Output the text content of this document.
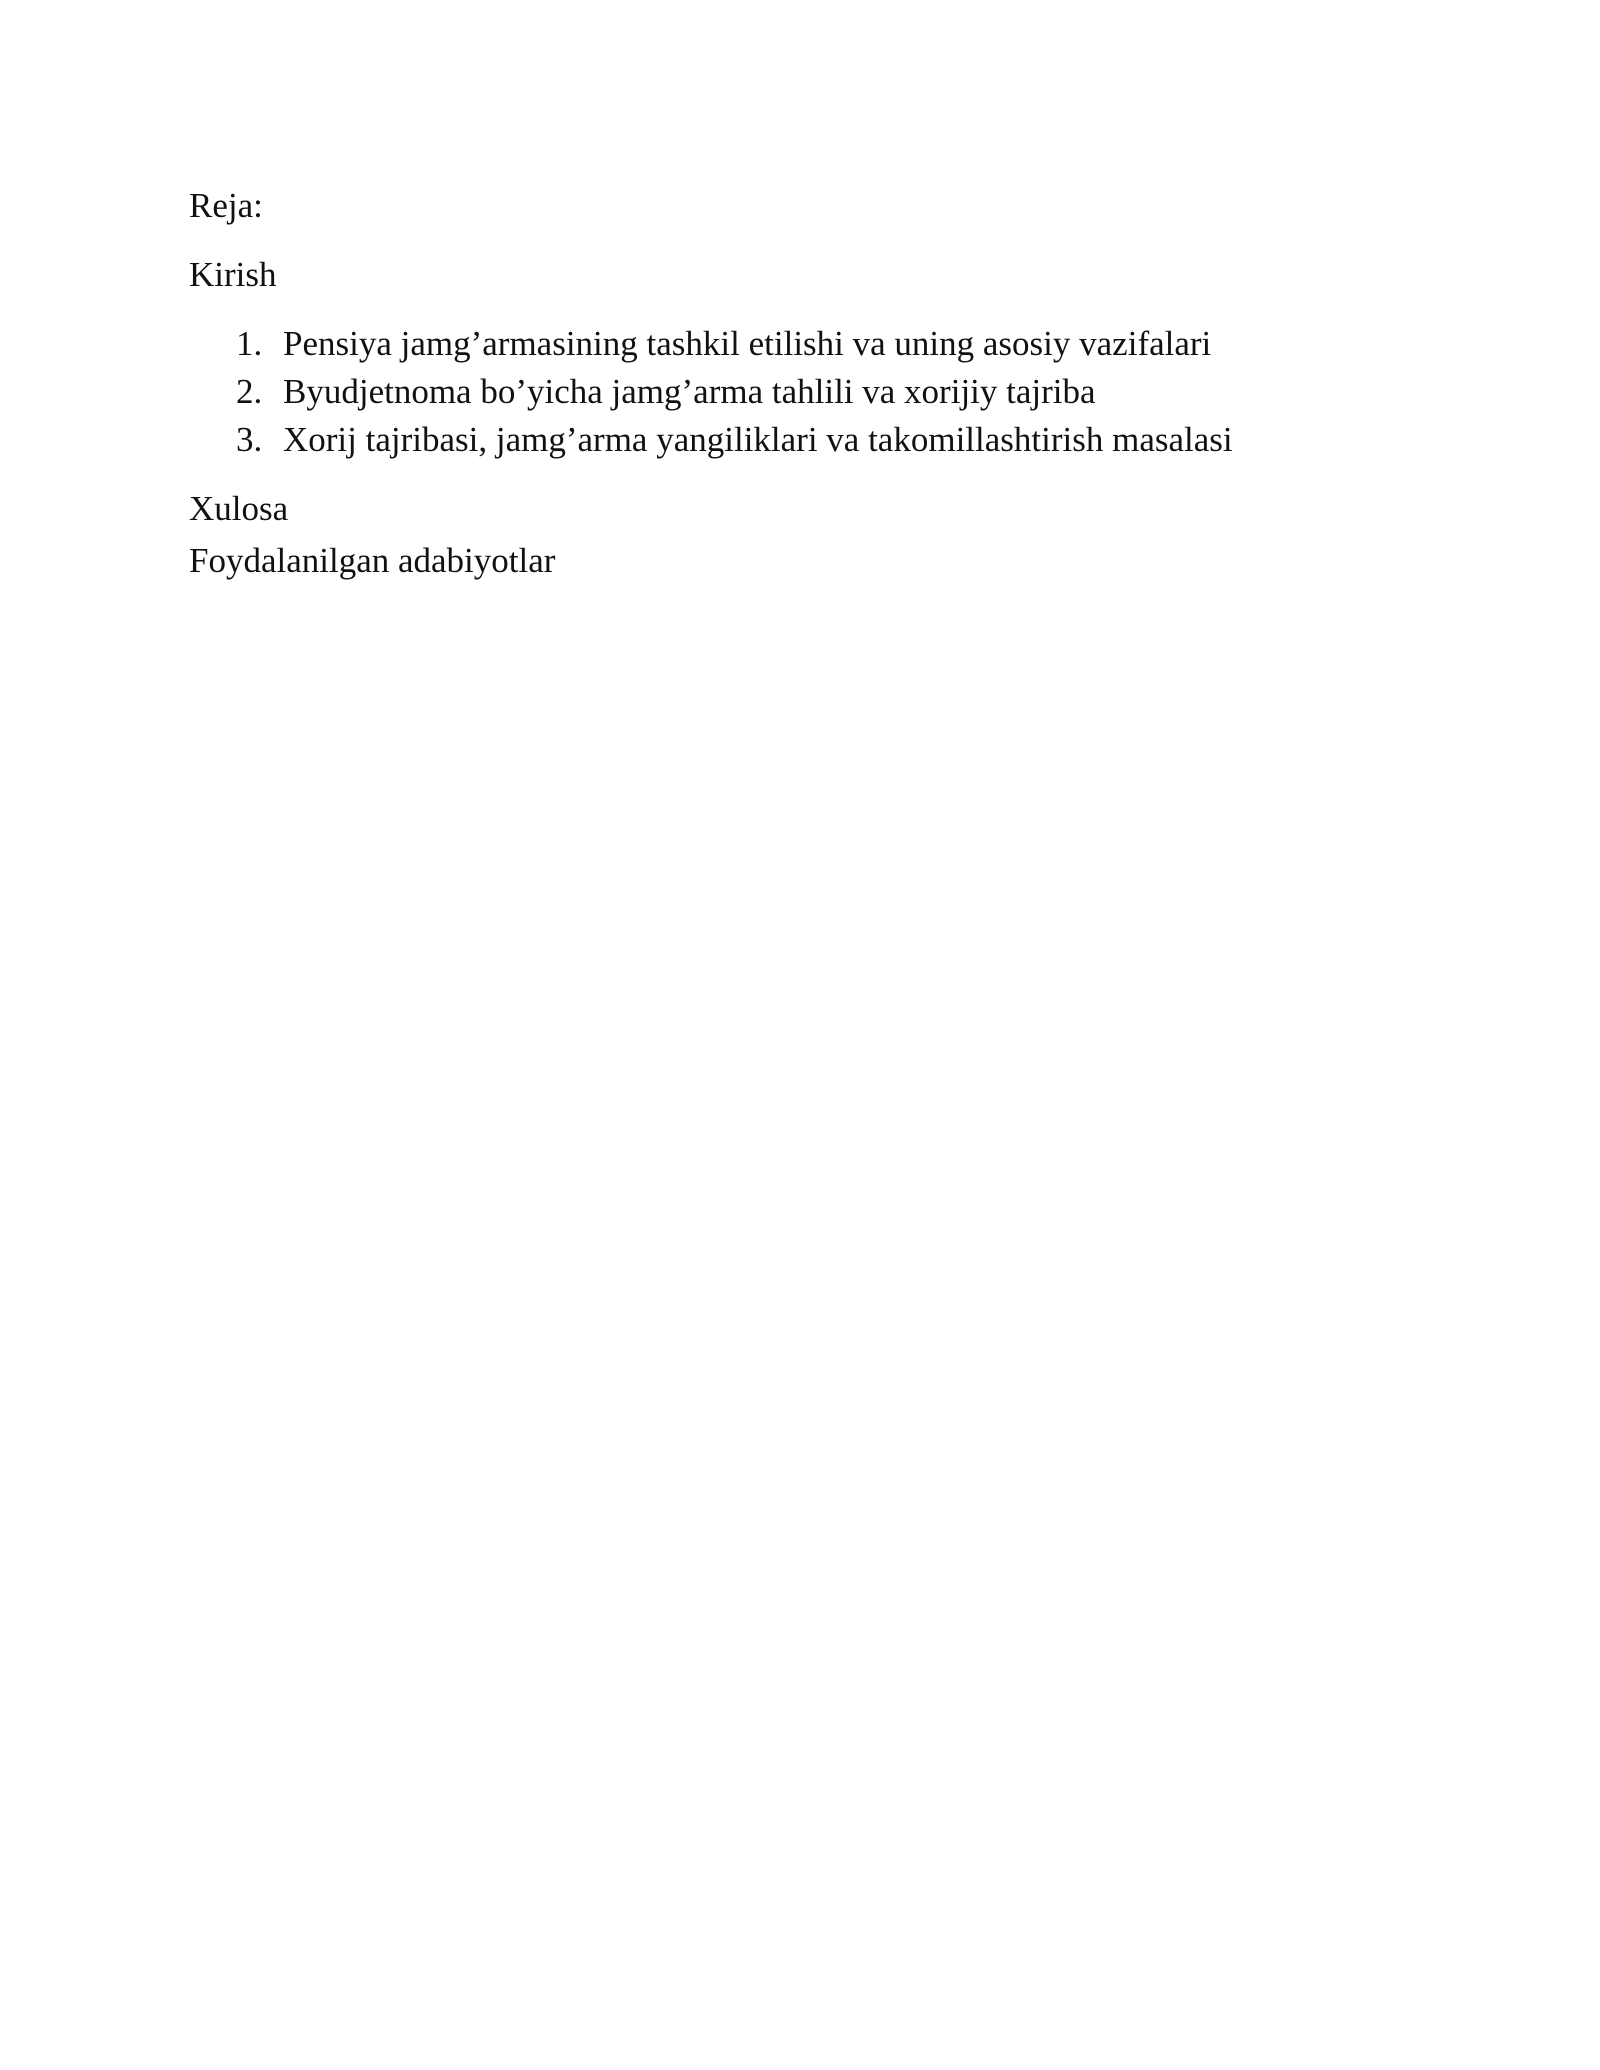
Reja:

Kirish

1. Pensiya jamg’armasining tashkil etilishi va uning asosiy vazifalari
2. Byudjetnoma bo’yicha jamg’arma tahlili va xorijiy tajriba
3. Xorij tajribasi, jamg’arma yangiliklari va takomillashtirish masalasi

Xulosa

Foydalanilgan adabiyotlar
